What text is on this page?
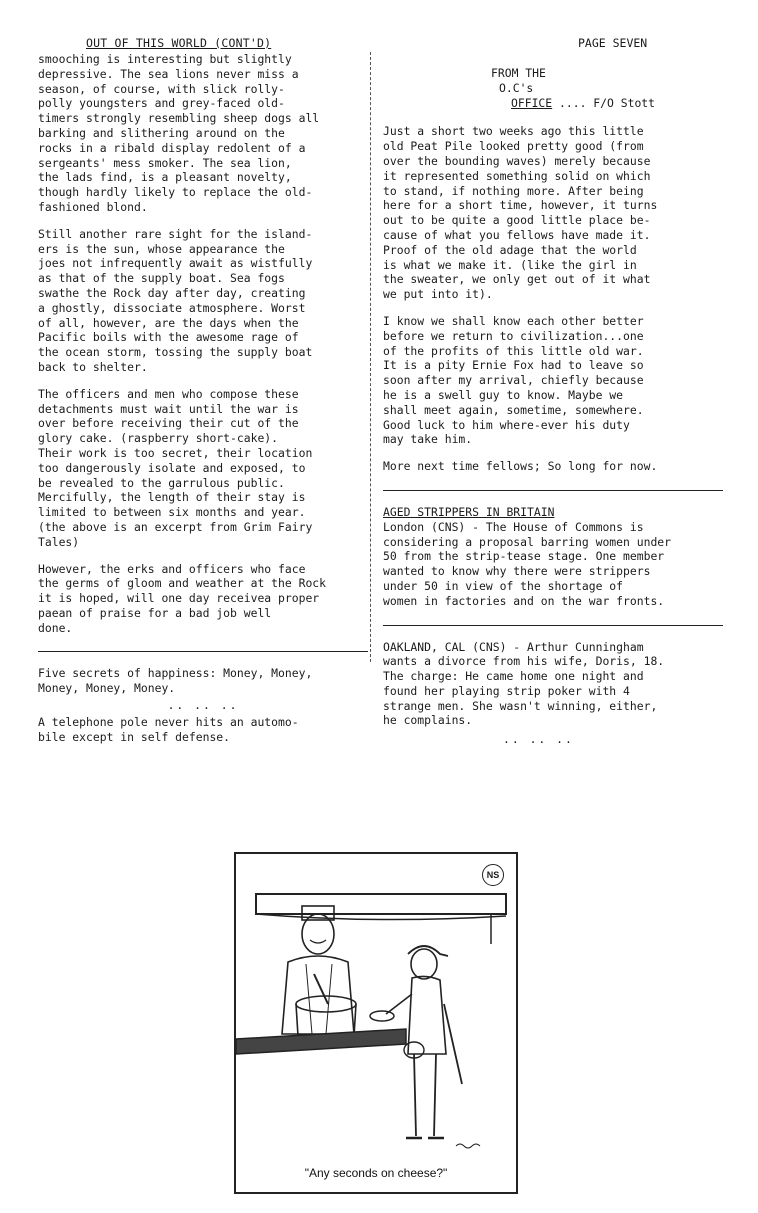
OUT OF THIS WORLD (CONT'D)	PAGE SEVEN

smooching is interesting but slightly
depressive. The sea lions never miss a
season, of course, with slick rolly-
polly youngsters and grey-faced old-
timers strongly resembling sheep dogs all
barking and slithering around on the
rocks in a ribald display redolent of a
sergeants' mess smoker. The sea lion,
the lads find, is a pleasant novelty,
though hardly likely to replace the old-
fashioned blond.

Still another rare sight for the island-
ers is the sun, whose appearance the
joes not infrequently await as wistfully
as that of the supply boat. Sea fogs
swathe the Rock day after day, creating
a ghostly, dissociate atmosphere. Worst
of all, however, are the days when the
Pacific boils with the awesome rage of
the ocean storm, tossing the supply boat
back to shelter.

The officers and men who compose these
detachments must wait until the war is
over before receiving their cut of the
glory cake. (raspberry short-cake).
Their work is too secret, their location
too dangerously isolate and exposed, to
be revealed to the garrulous public.
Mercifully, the length of their stay is
limited to between six months and year.
(the above is an excerpt from Grim Fairy
Tales)

However, the erks and officers who face
the germs of gloom and weather at the Rock
it is hoped, will one day receivea proper
paean of praise for a bad job well
done.

Five secrets of happiness: Money, Money,
Money, Money, Money.

.. .. ..

A telephone pole never hits an automo-
bile except in self defense.

FROM THE
O.C's
OFFICE .... F/O Stott

Just a short two weeks ago this little
old Peat Pile looked pretty good (from
over the bounding waves) merely because
it represented something solid on which
to stand, if nothing more. After being
here for a short time, however, it turns
out to be quite a good little place be-
cause of what you fellows have made it.
Proof of the old adage that the world
is what we make it. (like the girl in
the sweater, we only get out of it what
we put into it).

I know we shall know each other better
before we return to civilization...one
of the profits of this little old war.
It is a pity Ernie Fox had to leave so
soon after my arrival, chiefly because
he is a swell guy to know. Maybe we
shall meet again, sometime, somewhere.
Good luck to him where-ever his duty
may take him.

More next time fellows; So long for now.

AGED STRIPPERS IN BRITAIN

London (CNS) - The House of Commons is
considering a proposal barring women under
50 from the strip-tease stage. One member
wanted to know why there were strippers
under 50 in view of the shortage of
women in factories and on the war fronts.

OAKLAND, CAL (CNS) - Arthur Cunningham
wants a divorce from his wife, Doris, 18.
The charge: He came home one night and
found her playing strip poker with 4
strange men. She wasn't winning, either,
he complains.

.. .. ..
NS
"Any seconds on cheese?"
